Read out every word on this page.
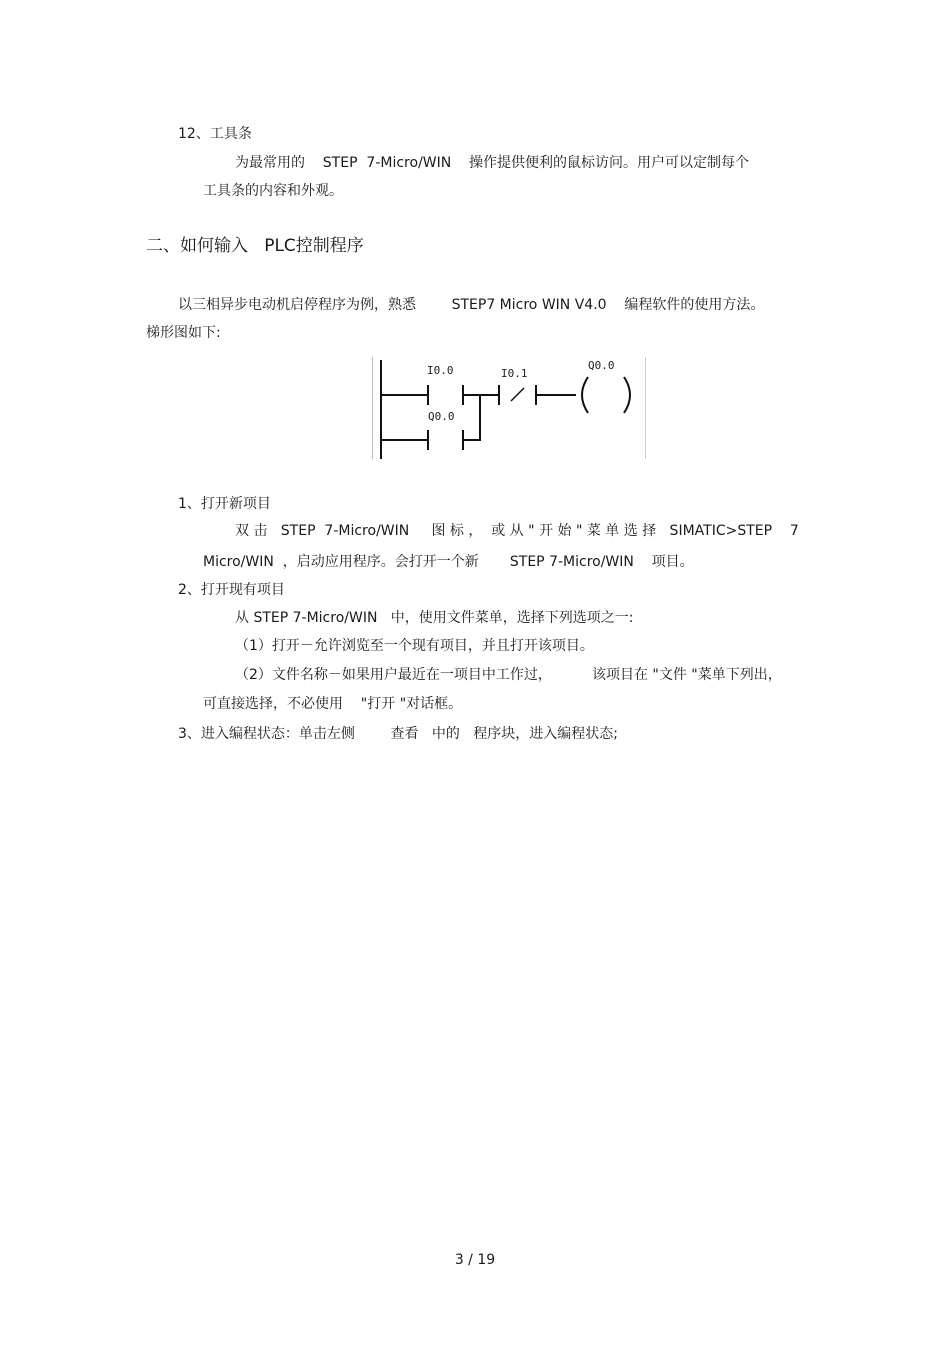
12、工具条
为最常用的    STEP  7-Micro/WIN    操作提供便利的鼠标访问。用户可以定制每个
工具条的内容和外观。
二、如何输入   PLC控制程序
以三相异步电动机启停程序为例，熟悉        STEP7 Micro WIN V4.0    编程软件的使用方法。
梯形图如下:
I0.0	I0.1
Q0.0
Q0.0
1、打开新项目
双 击   STEP  7-Micro/WIN     图 标 ，  或 从 " 开 始 " 菜 单 选 择   SIMATIC>STEP    7
Micro/WIN  ，启动应用程序。会打开一个新       STEP 7-Micro/WIN    项目。
2、打开现有项目
从 STEP 7-Micro/WIN   中，使用文件菜单，选择下列选项之一:
（1）打开－允许浏览至一个现有项目，并且打开该项目。
（2）文件名称－如果用户最近在一项目中工作过，         该项目在 "文件 "菜单下列出，
可直接选择，不必使用    "打开 "对话框。
3、进入编程状态：单击左侧        查看   中的   程序块，进入编程状态;
3 / 19
